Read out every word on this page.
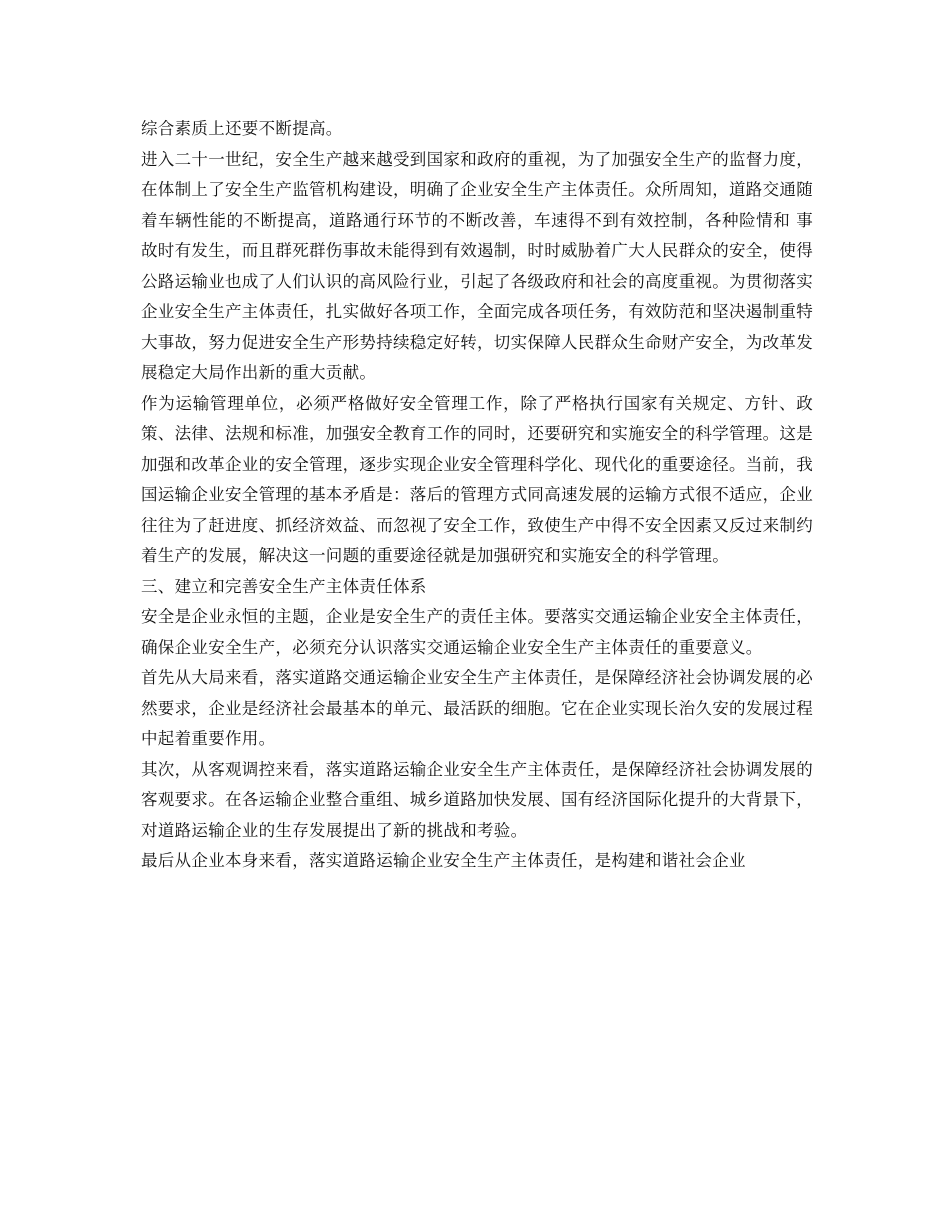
综合素质上还要不断提高。

进入二十一世纪，安全生产越来越受到国家和政府的重视，为了加强安全生产的监督力度，在体制上了安全生产监管机构建设，明确了企业安全生产主体责任。众所周知，道路交通随着车辆性能的不断提高，道路通行环节的不断改善，车速得不到有效控制，各种险情和 事故时有发生，而且群死群伤事故未能得到有效遏制，时时威胁着广大人民群众的安全，使得公路运输业也成了人们认识的高风险行业，引起了各级政府和社会的高度重视。为贯彻落实企业安全生产主体责任，扎实做好各项工作，全面完成各项任务，有效防范和坚决遏制重特大事故，努力促进安全生产形势持续稳定好转，切实保障人民群众生命财产安全，为改革发展稳定大局作出新的重大贡献。

作为运输管理单位，必须严格做好安全管理工作，除了严格执行国家有关规定、方针、政策、法律、法规和标准，加强安全教育工作的同时，还要研究和实施安全的科学管理。这是加强和改革企业的安全管理，逐步实现企业安全管理科学化、现代化的重要途径。当前，我国运输企业安全管理的基本矛盾是：落后的管理方式同高速发展的运输方式很不适应，企业往往为了赶进度、抓经济效益、而忽视了安全工作，致使生产中得不安全因素又反过来制约着生产的发展，解决这一问题的重要途径就是加强研究和实施安全的科学管理。

三、建立和完善安全生产主体责任体系

安全是企业永恒的主题，企业是安全生产的责任主体。要落实交通运输企业安全主体责任，确保企业安全生产，必须充分认识落实交通运输企业安全生产主体责任的重要意义。

首先从大局来看，落实道路交通运输企业安全生产主体责任，是保障经济社会协调发展的必然要求，企业是经济社会最基本的单元、最活跃的细胞。它在企业实现长治久安的发展过程中起着重要作用。

其次，从客观调控来看，落实道路运输企业安全生产主体责任，是保障经济社会协调发展的客观要求。在各运输企业整合重组、城乡道路加快发展、国有经济国际化提升的大背景下，对道路运输企业的生存发展提出了新的挑战和考验。

最后从企业本身来看，落实道路运输企业安全生产主体责任，是构建和谐社会企业
